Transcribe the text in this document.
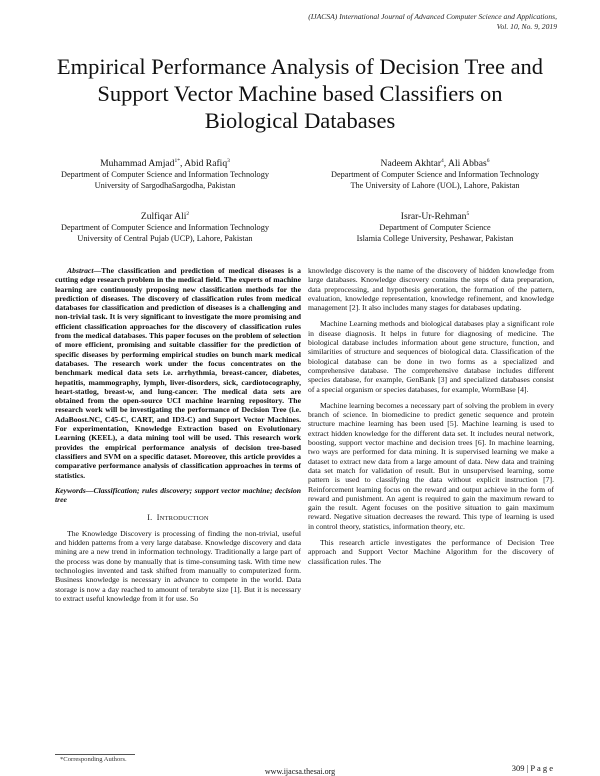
(IJACSA) International Journal of Advanced Computer Science and Applications,
Vol. 10, No. 9, 2019
Empirical Performance Analysis of Decision Tree and
Support Vector Machine based Classifiers on
Biological Databases
Muhammad Amjad$^{1*}$, Abid Rafiq$^3$
Department of Computer Science and Information Technology
University of SargodhaSargodha, Pakistan
Nadeem Akhtar$^4$, Ali Abbas$^6$
Department of Computer Science and Information Technology
The University of Lahore (UOL), Lahore, Pakistan
Zulfiqar Ali$^2$
Department of Computer Science and Information Technology
University of Central Pujab (UCP), Lahore, Pakistan
Israr-Ur-Rehman$^5$
Department of Computer Science
Islamia College University, Peshawar, Pakistan

Abstract—The classification and prediction of medical diseases is a cutting edge research problem in the medical field. The experts of machine learning are continuously proposing new classification methods for the prediction of diseases. The discovery of classification rules from medical databases for classification and prediction of diseases is a challenging and non-trivial task. It is very significant to investigate the more promising and efficient classification approaches for the discovery of classification rules from the medical databases. This paper focuses on the problem of selection of more efficient, promising and suitable classifier for the prediction of specific diseases by performing empirical studies on bunch mark medical databases. The research work under the focus concentrates on the benchmark medical data sets i.e. arrhythmia, breast-cancer, diabetes, hepatitis, mammography, lymph, liver-disorders, sick, cardiotocography, heart-statlog, breast-w, and lung-cancer. The medical data sets are obtained from the open-source UCI machine learning repository. The research work will be investigating the performance of Decision Tree (i.e. AdaBoost.NC, C45-C, CART, and ID3-C) and Support Vector Machines. For experimentation, Knowledge Extraction based on Evolutionary Learning (KEEL), a data mining tool will be used. This research work provides the empirical performance analysis of decision tree-based classifiers and SVM on a specific dataset. Moreover, this article provides a comparative performance analysis of classification approaches in terms of statistics.

Keywords—Classification; rules discovery; support vector machine; decision tree

I. INTRODUCTION

The Knowledge Discovery is processing of finding the non-trivial, useful and hidden patterns from a very large database. Knowledge discovery and data mining are a new trend in information technology. Traditionally a large part of the process was done by manually that is time-consuming task. With time new technologies invented and task shifted from manually to computerized form. Business knowledge is necessary in advance to compete in the world. Data storage is now a day reached to amount of terabyte size [1]. But it is necessary to extract useful knowledge from it for use. So

knowledge discovery is the name of the discovery of hidden knowledge from large databases. Knowledge discovery contains the steps of data preparation, data preprocessing, and hypothesis generation, the formation of the pattern, evaluation, knowledge representation, knowledge refinement, and knowledge management [2]. It also includes many stages for databases updating.

Machine Learning methods and biological databases play a significant role in disease diagnosis. It helps in future for diagnosing of medicine. The biological database includes information about gene structure, function, and similarities of structure and sequences of biological data. Classification of the biological database can be done in two forms as a specialized and comprehensive database. The comprehensive database includes different species database, for example, GenBank [3] and specialized databases consist of a special organism or species databases, for example, WormBase [4].

Machine learning becomes a necessary part of solving the problem in every branch of science. In biomedicine to predict genetic sequence and protein structure machine learning has been used [5]. Machine learning is used to extract hidden knowledge for the different data set. It includes neural network, boosting, support vector machine and decision trees [6]. In machine learning, two ways are performed for data mining. It is supervised learning we make a dataset to extract new data from a large amount of data. New data and training data set match for validation of result. But in unsupervised learning, some pattern is used to classifying the data without explicit instruction [7]. Reinforcement learning focus on the reward and output achieve in the form of reward and punishment. An agent is required to gain the maximum reward to gain the result. Agent focuses on the positive situation to gain maximum reward. Negative situation decreases the reward. This type of learning is used in control theory, statistics, information theory, etc.

This research article investigates the performance of Decision Tree approach and Support Vector Machine Algorithm for the discovery of classification rules. The

*Corresponding Authors.
309 | P a g e
www.ijacsa.thesai.org
